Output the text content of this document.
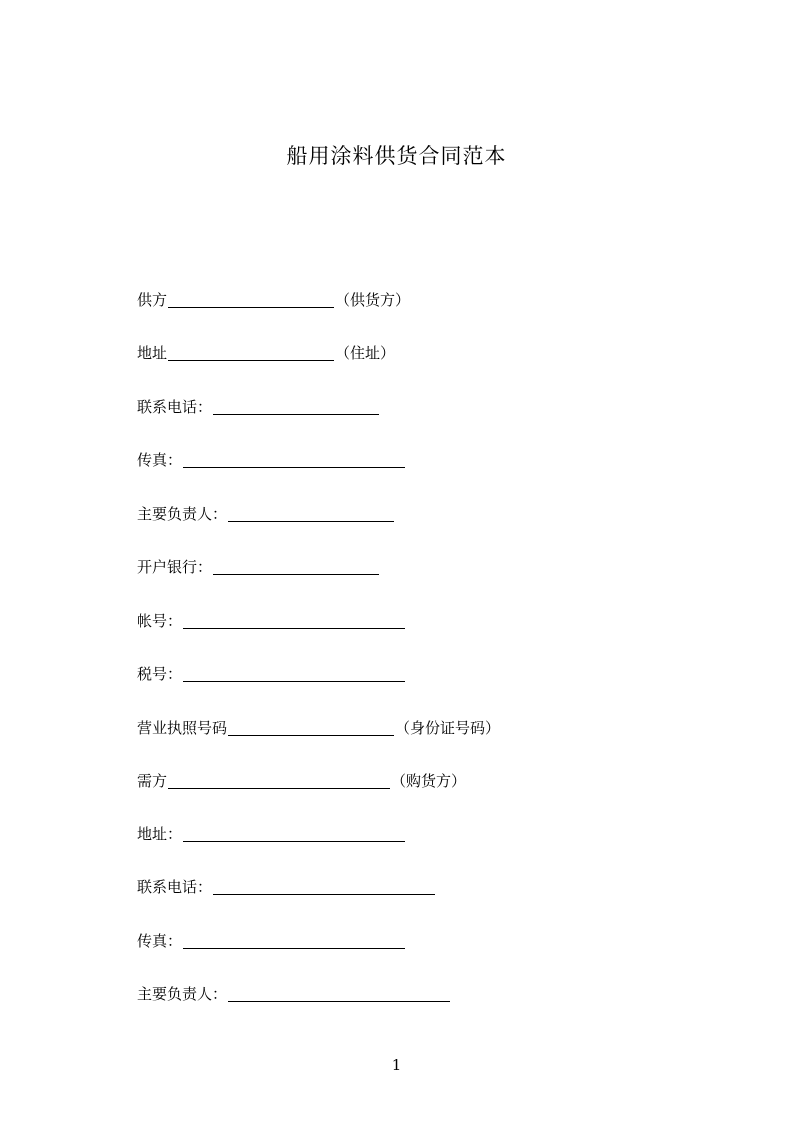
船用涂料供货合同范本
供方	（供货方）
地址	（住址）
联系电话：
传真：
主要负责人：
开户银行：
帐号：
税号：
营业执照号码	（身份证号码）
需方	（购货方）
地址：
联系电话：
传真：
主要负责人：
1
